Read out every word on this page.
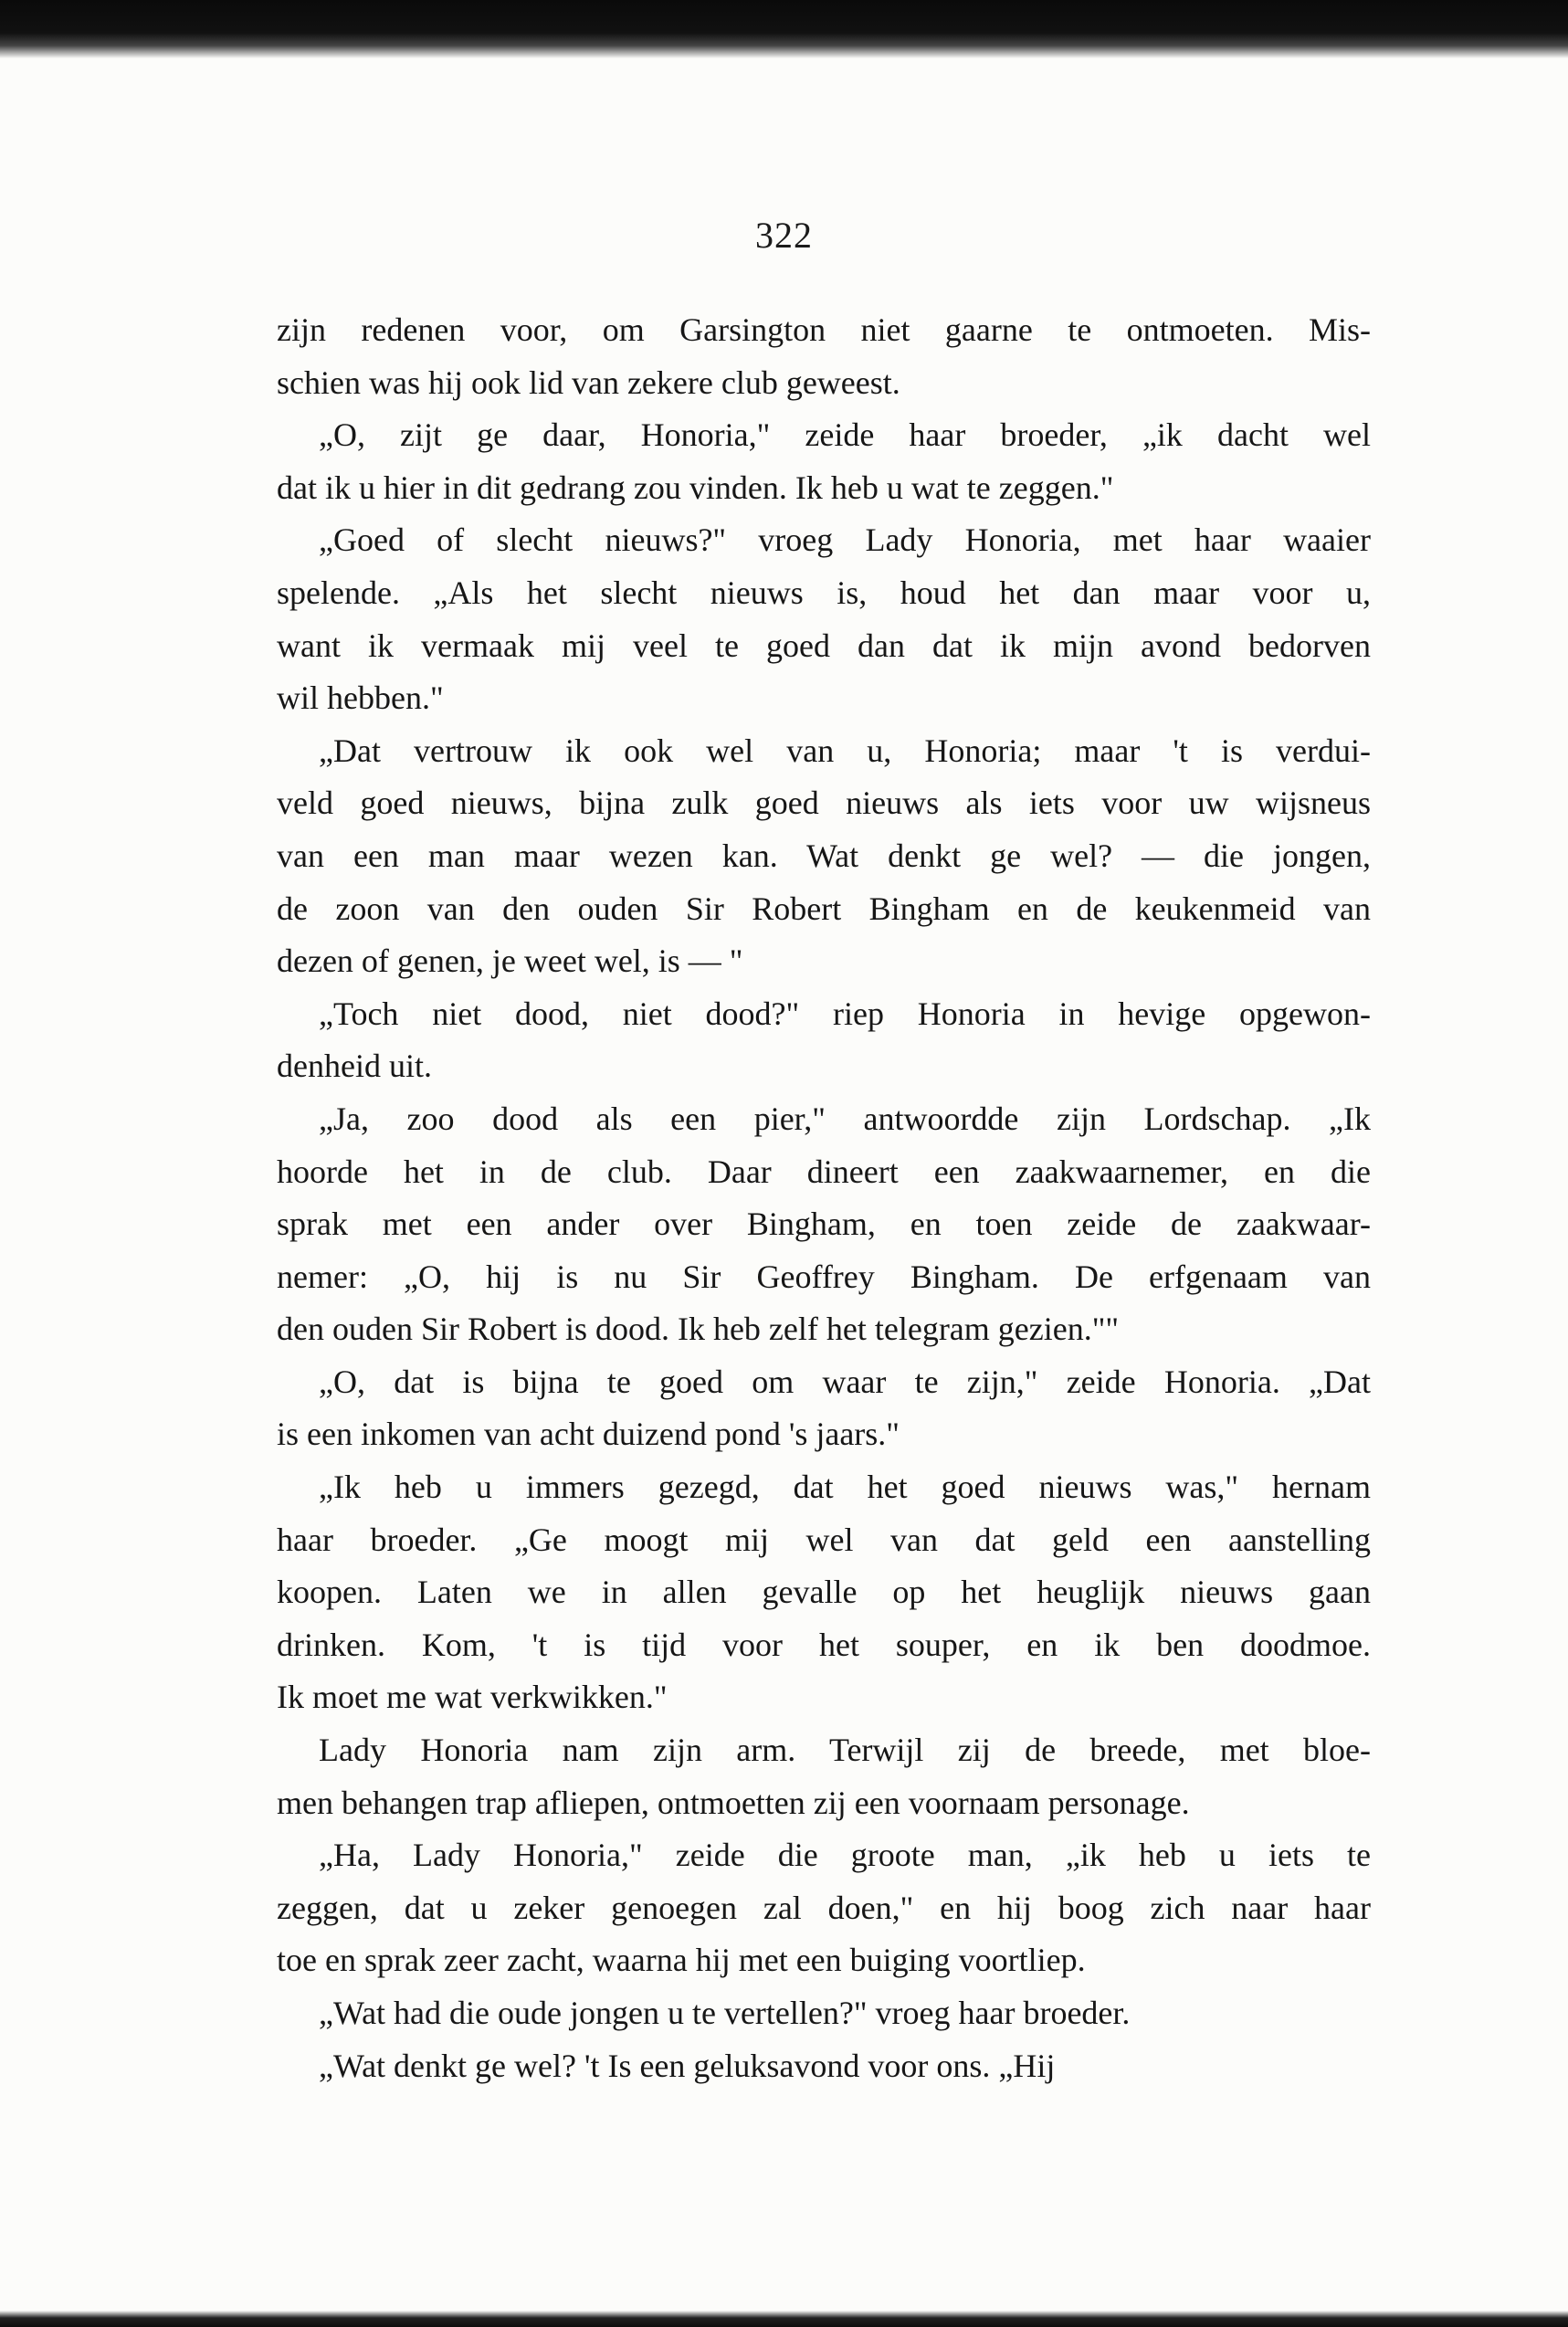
322
zijn redenen voor, om Garsington niet gaarne te ontmoeten. Mis-
schien was hij ook lid van zekere club geweest.
„O, zijt ge daar, Honoria," zeide haar broeder, „ik dacht wel
dat ik u hier in dit gedrang zou vinden. Ik heb u wat te zeggen."
„Goed of slecht nieuws?" vroeg Lady Honoria, met haar waaier
spelende. „Als het slecht nieuws is, houd het dan maar voor u,
want ik vermaak mij veel te goed dan dat ik mijn avond bedorven
wil hebben."
„Dat vertrouw ik ook wel van u, Honoria; maar 't is verdui-
veld goed nieuws, bijna zulk goed nieuws als iets voor uw wijsneus
van een man maar wezen kan. Wat denkt ge wel? — die jongen,
de zoon van den ouden Sir Robert Bingham en de keukenmeid van
dezen of genen, je weet wel, is — "
„Toch niet dood, niet dood?" riep Honoria in hevige opgewon-
denheid uit.
„Ja, zoo dood als een pier," antwoordde zijn Lordschap. „Ik
hoorde het in de club. Daar dineert een zaakwaarnemer, en die
sprak met een ander over Bingham, en toen zeide de zaakwaar-
nemer: „O, hij is nu Sir Geoffrey Bingham. De erfgenaam van
den ouden Sir Robert is dood. Ik heb zelf het telegram gezien.""
„O, dat is bijna te goed om waar te zijn," zeide Honoria. „Dat
is een inkomen van acht duizend pond 's jaars."
„Ik heb u immers gezegd, dat het goed nieuws was," hernam
haar broeder. „Ge moogt mij wel van dat geld een aanstelling
koopen. Laten we in allen gevalle op het heuglijk nieuws gaan
drinken. Kom, 't is tijd voor het souper, en ik ben doodmoe.
Ik moet me wat verkwikken."
Lady Honoria nam zijn arm. Terwijl zij de breede, met bloe-
men behangen trap afliepen, ontmoetten zij een voornaam personage.
„Ha, Lady Honoria," zeide die groote man, „ik heb u iets te
zeggen, dat u zeker genoegen zal doen," en hij boog zich naar haar
toe en sprak zeer zacht, waarna hij met een buiging voortliep.
„Wat had die oude jongen u te vertellen?" vroeg haar broeder.
„Wat denkt ge wel? 't Is een geluksavond voor ons. „Hij
